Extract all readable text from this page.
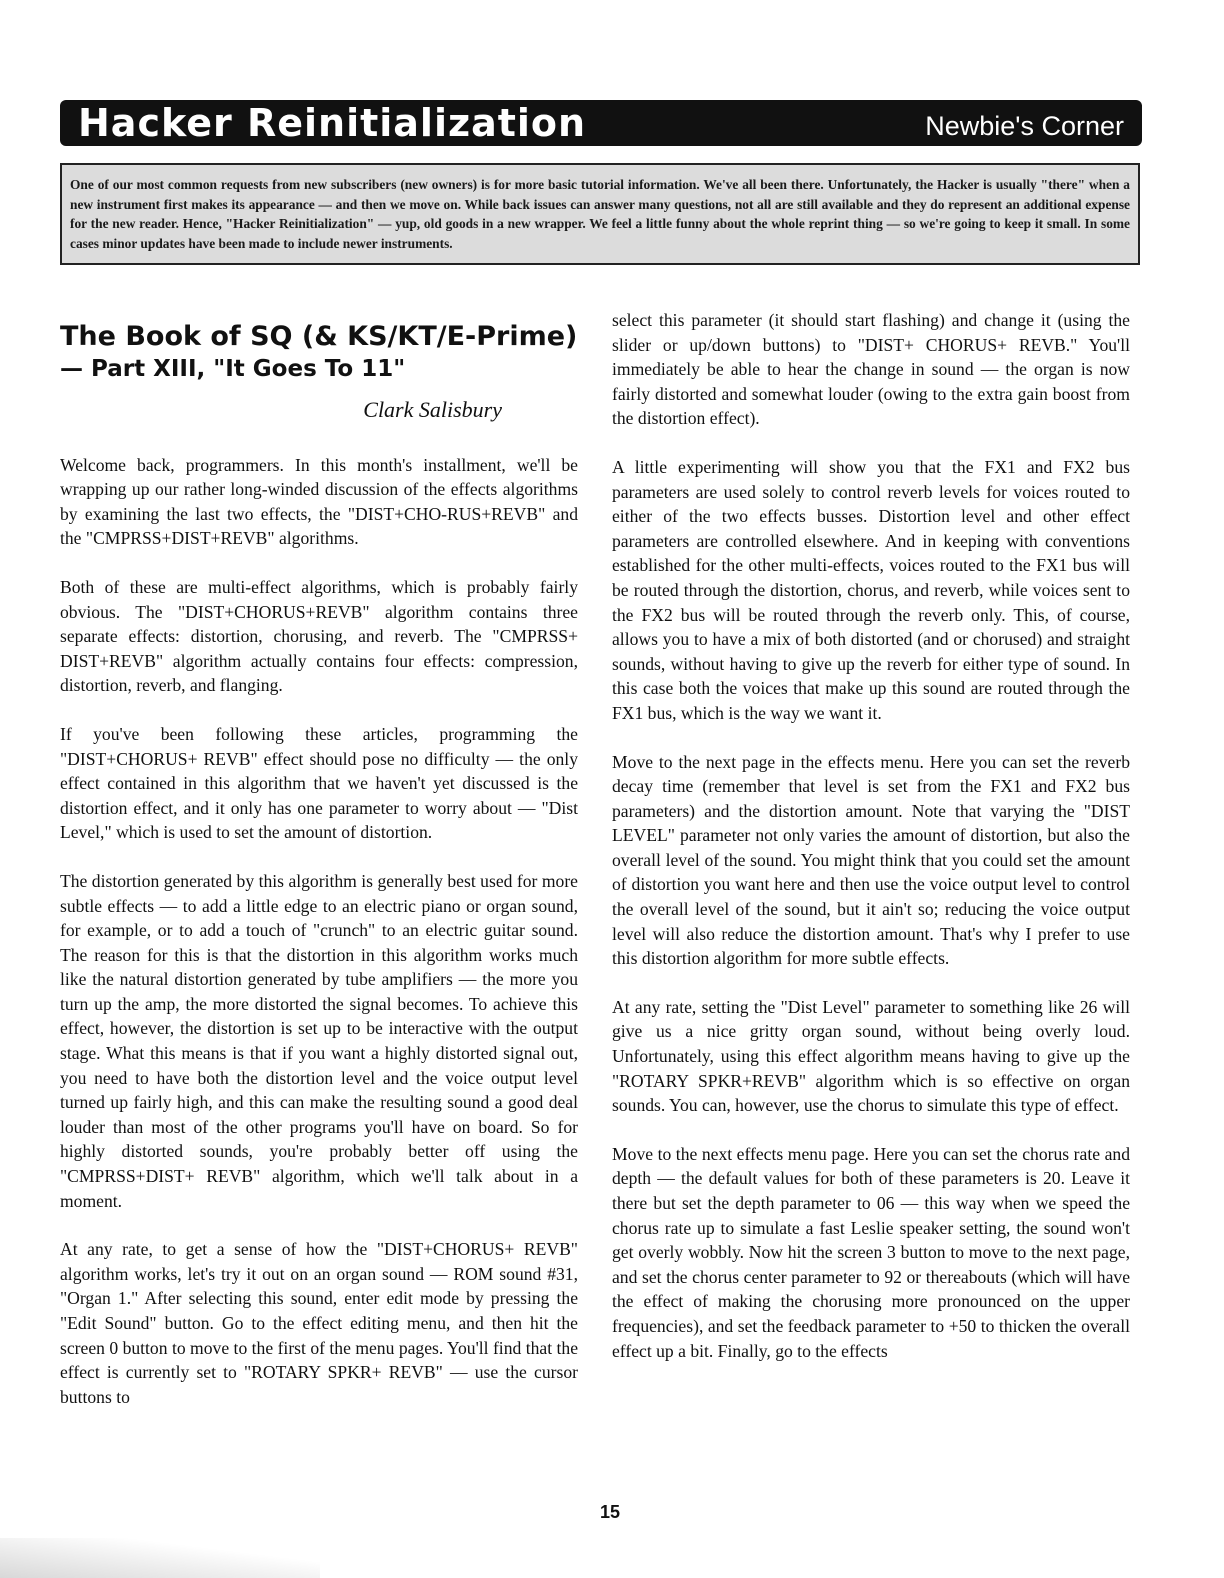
Hacker Reinitialization	Newbie's Corner
One of our most common requests from new subscribers (new owners) is for more basic tutorial information. We've all been there. Unfortunately, the Hacker is usually "there" when a new instrument first makes its appearance — and then we move on. While back issues can answer many questions, not all are still available and they do represent an additional expense for the new reader. Hence, "Hacker Reinitialization" — yup, old goods in a new wrapper. We feel a little funny about the whole reprint thing — so we're going to keep it small. In some cases minor updates have been made to include newer instruments.
The Book of SQ (& KS/KT/E-Prime)
— Part XIII, "It Goes To 11"
Clark Salisbury

Welcome back, programmers. In this month's installment, we'll be wrapping up our rather long-winded discussion of the effects algorithms by examining the last two effects, the "DIST+CHO-RUS+REVB" and the "CMPRSS+DIST+REVB" algorithms.

Both of these are multi-effect algorithms, which is probably fairly obvious. The "DIST+CHORUS+REVB" algorithm contains three separate effects: distortion, chorusing, and reverb. The "CMPRSS+ DIST+REVB" algorithm actually contains four effects: compression, distortion, reverb, and flanging.

If you've been following these articles, programming the "DIST+CHORUS+ REVB" effect should pose no difficulty — the only effect contained in this algorithm that we haven't yet discussed is the distortion effect, and it only has one parameter to worry about — "Dist Level," which is used to set the amount of distortion.

The distortion generated by this algorithm is generally best used for more subtle effects — to add a little edge to an electric piano or organ sound, for example, or to add a touch of "crunch" to an electric guitar sound. The reason for this is that the distortion in this algorithm works much like the natural distortion generated by tube amplifiers — the more you turn up the amp, the more distorted the signal becomes. To achieve this effect, however, the distortion is set up to be interactive with the output stage. What this means is that if you want a highly distorted signal out, you need to have both the distortion level and the voice output level turned up fairly high, and this can make the resulting sound a good deal louder than most of the other programs you'll have on board. So for highly distorted sounds, you're probably better off using the "CMPRSS+DIST+ REVB" algorithm, which we'll talk about in a moment.

At any rate, to get a sense of how the "DIST+CHORUS+ REVB" algorithm works, let's try it out on an organ sound — ROM sound #31, "Organ 1." After selecting this sound, enter edit mode by pressing the "Edit Sound" button. Go to the effect editing menu, and then hit the screen 0 button to move to the first of the menu pages. You'll find that the effect is currently set to "ROTARY SPKR+ REVB" — use the cursor buttons to

select this parameter (it should start flashing) and change it (using the slider or up/down buttons) to "DIST+ CHORUS+ REVB." You'll immediately be able to hear the change in sound — the organ is now fairly distorted and somewhat louder (owing to the extra gain boost from the distortion effect).

A little experimenting will show you that the FX1 and FX2 bus parameters are used solely to control reverb levels for voices routed to either of the two effects busses. Distortion level and other effect parameters are controlled elsewhere. And in keeping with conventions established for the other multi-effects, voices routed to the FX1 bus will be routed through the distortion, chorus, and reverb, while voices sent to the FX2 bus will be routed through the reverb only. This, of course, allows you to have a mix of both distorted (and or chorused) and straight sounds, without having to give up the reverb for either type of sound. In this case both the voices that make up this sound are routed through the FX1 bus, which is the way we want it.

Move to the next page in the effects menu. Here you can set the reverb decay time (remember that level is set from the FX1 and FX2 bus parameters) and the distortion amount. Note that varying the "DIST LEVEL" parameter not only varies the amount of distortion, but also the overall level of the sound. You might think that you could set the amount of distortion you want here and then use the voice output level to control the overall level of the sound, but it ain't so; reducing the voice output level will also reduce the distortion amount. That's why I prefer to use this distortion algorithm for more subtle effects.

At any rate, setting the "Dist Level" parameter to something like 26 will give us a nice gritty organ sound, without being overly loud. Unfortunately, using this effect algorithm means having to give up the "ROTARY SPKR+REVB" algorithm which is so effective on organ sounds. You can, however, use the chorus to simulate this type of effect.

Move to the next effects menu page. Here you can set the chorus rate and depth — the default values for both of these parameters is 20. Leave it there but set the depth parameter to 06 — this way when we speed the chorus rate up to simulate a fast Leslie speaker setting, the sound won't get overly wobbly. Now hit the screen 3 button to move to the next page, and set the chorus center parameter to 92 or thereabouts (which will have the effect of making the chorusing more pronounced on the upper frequencies), and set the feedback parameter to +50 to thicken the overall effect up a bit. Finally, go to the effects

15
